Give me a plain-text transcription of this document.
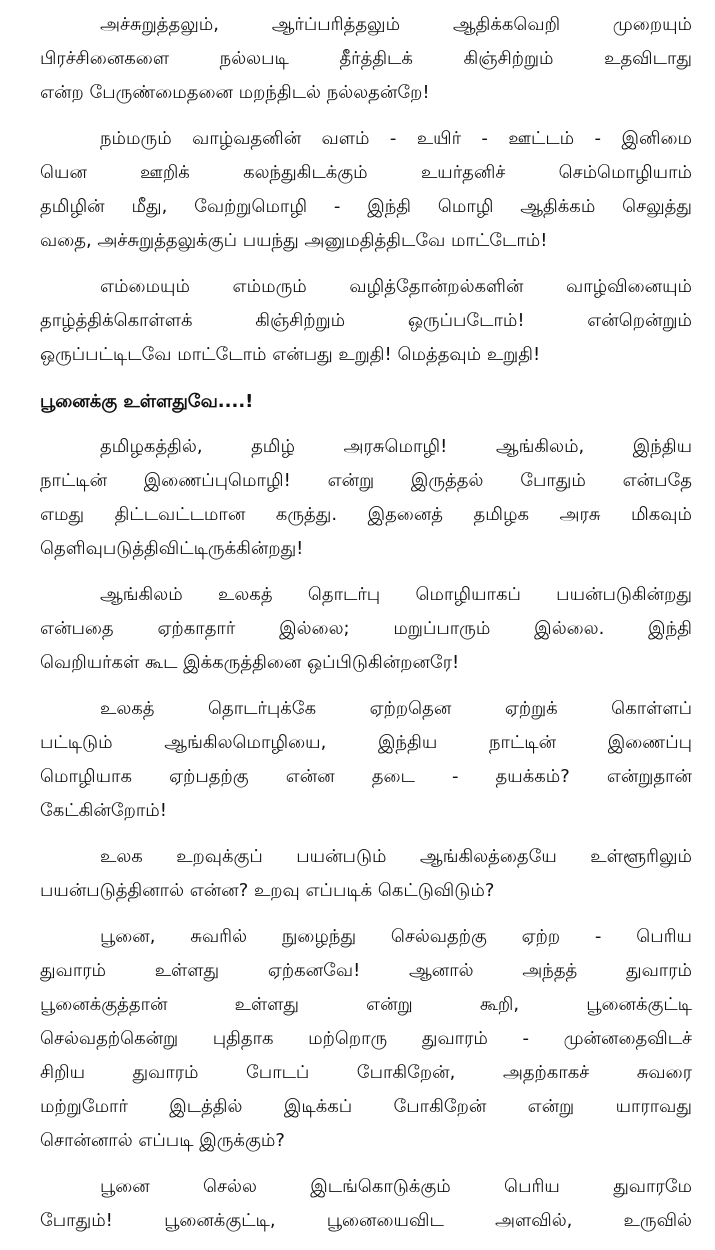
அச்சுறுத்தலும், ஆர்ப்பரித்தலும் ஆதிக்கவெறி முறையும்
பிரச்சினைகளை நல்லபடி தீர்த்திடக் கிஞ்சிற்றும் உதவிடாது
என்ற பேருண்மைதனை மறந்திடல் நல்லதன்றே!
நம்மரும் வாழ்வதனின் வளம் - உயிர் - ஊட்டம் - இனிமை
யென ஊறிக் கலந்துகிடக்கும் உயர்தனிச் செம்மொழியாம்
தமிழின் மீது, வேற்றுமொழி - இந்தி மொழி ஆதிக்கம் செலுத்து
வதை, அச்சுறுத்தலுக்குப் பயந்து அனுமதித்திடவே மாட்டோம்!
எம்மையும் எம்மரும் வழித்தோன்றல்களின் வாழ்வினையும்
தாழ்த்திக்கொள்ளக் கிஞ்சிற்றும் ஒருப்படோம்! என்றென்றும்
ஒருப்பட்டிடவே மாட்டோம் என்பது உறுதி! மெத்தவும் உறுதி!
பூனைக்கு உள்ளதுவே....!
தமிழகத்தில், தமிழ் அரசுமொழி! ஆங்கிலம், இந்திய
நாட்டின் இணைப்புமொழி! என்று இருத்தல் போதும் என்பதே
எமது திட்டவட்டமான கருத்து. இதனைத் தமிழக அரசு மிகவும்
தெளிவுபடுத்திவிட்டிருக்கின்றது!
ஆங்கிலம் உலகத் தொடர்பு மொழியாகப் பயன்படுகின்றது
என்பதை ஏற்காதார் இல்லை; மறுப்பாரும் இல்லை. இந்தி
வெறியர்கள் கூட இக்கருத்தினை ஒப்பிடுகின்றனரே!
உலகத் தொடர்புக்கே ஏற்றதென ஏற்றுக் கொள்ளப்
பட்டிடும் ஆங்கிலமொழியை, இந்திய நாட்டின் இணைப்பு
மொழியாக ஏற்பதற்கு என்ன தடை - தயக்கம்? என்றுதான்
கேட்கின்றோம்!
உலக உறவுக்குப் பயன்படும் ஆங்கிலத்தையே உள்ளூரிலும்
பயன்படுத்தினால் என்ன? உறவு எப்படிக் கெட்டுவிடும்?
பூனை, சுவரில் நுழைந்து செல்வதற்கு ஏற்ற - பெரிய
துவாரம் உள்ளது ஏற்கனவே! ஆனால் அந்தத் துவாரம்
பூனைக்குத்தான் உள்ளது என்று கூறி, பூனைக்குட்டி
செல்வதற்கென்று புதிதாக மற்றொரு துவாரம் - முன்னதைவிடச்
சிறிய துவாரம் போடப் போகிறேன், அதற்காகச் சுவரை
மற்றுமோர் இடத்தில் இடிக்கப் போகிறேன் என்று யாராவது
சொன்னால் எப்படி இருக்கும்?
பூனை செல்ல இடங்கொடுக்கும் பெரிய துவாரமே
போதும்! பூனைக்குட்டி, பூனையைவிட அளவில், உருவில்
